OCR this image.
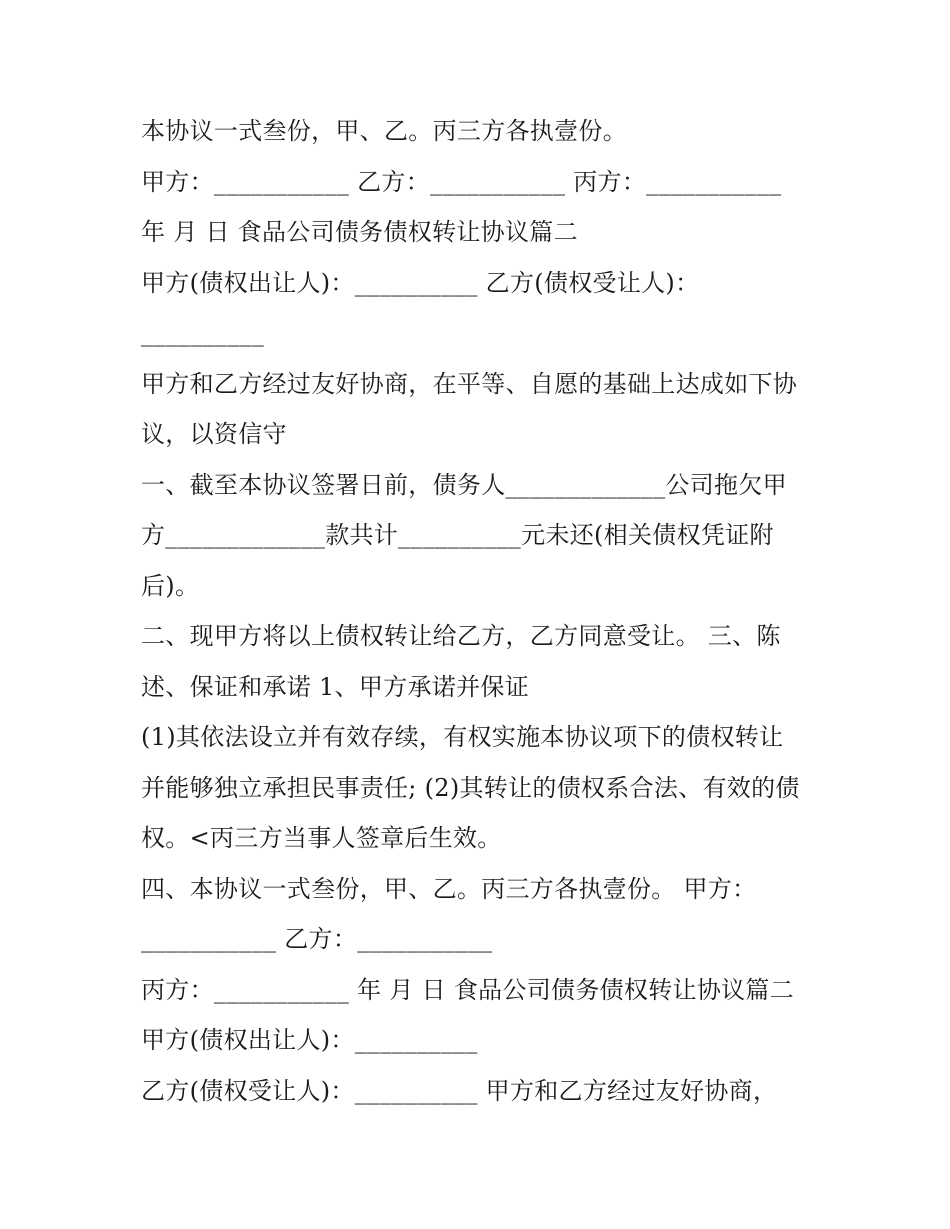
本协议一式叁份，甲、乙。丙三方各执壹份。
甲方：___________ 乙方：___________ 丙方：___________
年 月 日 食品公司债务债权转让协议篇二
甲方(债权出让人)：__________ 乙方(债权受让人)：
__________
甲方和乙方经过友好协商，在平等、自愿的基础上达成如下协
议，以资信守
一、截至本协议签署日前，债务人_____________公司拖欠甲
方_____________款共计__________元未还(相关债权凭证附
后)。
二、现甲方将以上债权转让给乙方，乙方同意受让。 三、陈
述、保证和承诺 1、甲方承诺并保证
(1)其依法设立并有效存续，有权实施本协议项下的债权转让
并能够独立承担民事责任; (2)其转让的债权系合法、有效的债
权。<丙三方当事人签章后生效。
四、本协议一式叁份，甲、乙。丙三方各执壹份。 甲方：
___________ 乙方：___________
丙方：___________ 年 月 日 食品公司债务债权转让协议篇二
甲方(债权出让人)：__________
乙方(债权受让人)：__________ 甲方和乙方经过友好协商，
